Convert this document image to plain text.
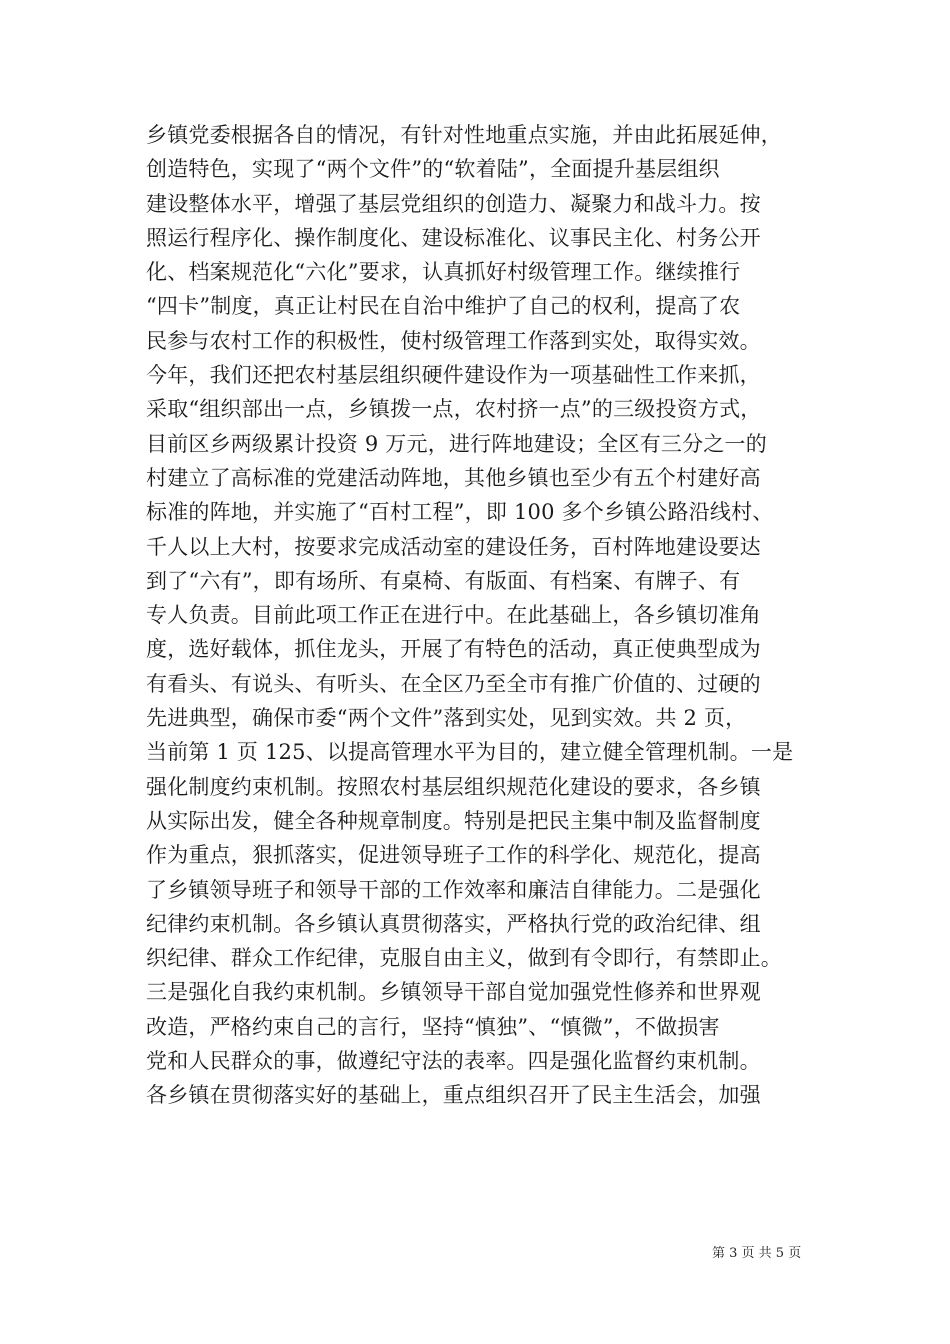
乡镇党委根据各自的情况，有针对性地重点实施，并由此拓展延伸，
创造特色，实现了“两个文件”的“软着陆”，全面提升基层组织
建设整体水平，增强了基层党组织的创造力、凝聚力和战斗力。按
照运行程序化、操作制度化、建设标准化、议事民主化、村务公开
化、档案规范化“六化”要求，认真抓好村级管理工作。继续推行
“四卡”制度，真正让村民在自治中维护了自己的权利，提高了农
民参与农村工作的积极性，使村级管理工作落到实处，取得实效。
今年，我们还把农村基层组织硬件建设作为一项基础性工作来抓，
采取“组织部出一点，乡镇拨一点，农村挤一点”的三级投资方式，
目前区乡两级累计投资 9 万元，进行阵地建设；全区有三分之一的
村建立了高标准的党建活动阵地，其他乡镇也至少有五个村建好高
标准的阵地，并实施了“百村工程”，即 100 多个乡镇公路沿线村、
千人以上大村，按要求完成活动室的建设任务，百村阵地建设要达
到了“六有”，即有场所、有桌椅、有版面、有档案、有牌子、有
专人负责。目前此项工作正在进行中。在此基础上，各乡镇切准角
度，选好载体，抓住龙头，开展了有特色的活动，真正使典型成为
有看头、有说头、有听头、在全区乃至全市有推广价值的、过硬的
先进典型，确保市委“两个文件”落到实处，见到实效。共 2 页，
当前第 1 页 125、以提高管理水平为目的，建立健全管理机制。一是
强化制度约束机制。按照农村基层组织规范化建设的要求，各乡镇
从实际出发，健全各种规章制度。特别是把民主集中制及监督制度
作为重点，狠抓落实，促进领导班子工作的科学化、规范化，提高
了乡镇领导班子和领导干部的工作效率和廉洁自律能力。二是强化
纪律约束机制。各乡镇认真贯彻落实，严格执行党的政治纪律、组
织纪律、群众工作纪律，克服自由主义，做到有令即行，有禁即止。
三是强化自我约束机制。乡镇领导干部自觉加强党性修养和世界观
改造，严格约束自己的言行，坚持“慎独”、“慎微”，不做损害
党和人民群众的事，做遵纪守法的表率。四是强化监督约束机制。
各乡镇在贯彻落实好的基础上，重点组织召开了民主生活会，加强
第 3 页 共 5 页
